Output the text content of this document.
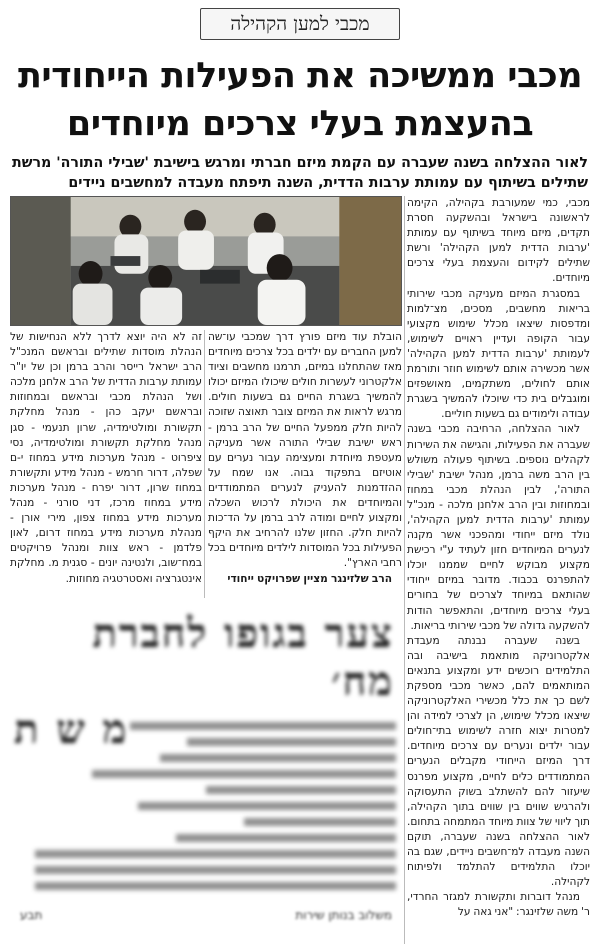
מכבי למען הקהילה
מכבי ממשיכה את הפעילות הייחודית
בהעצמת בעלי צרכים מיוחדים
לאור ההצלחה בשנה שעברה עם הקמת מיזם חברתי ומרגש בישיבת 'שבילי התורה' מרשת שתילים בשיתוף עם עמותת ערבות הדדית, השנה תיפתח מעבדה למחשבים ניידים

מכבי, כמי שמעורבת בקהילה, הקימה לראשונה בישראל ובהשקעה חסרת תקדים, מיזם מיוחד בשיתוף עם עמותת 'ערבות הדדית למען הקהילה' ורשת שתילים לקידום והעצמת בעלי צרכים מיוחדים.

במסגרת המיזם מעניקה מכבי שירותי בריאות מחשבים, מסכים, מצ־למות ומדפסות שיצאו מכלל שימוש מקצועי עבור הקופה ועדיין ראויים לשימוש, לעמותת 'ערבות הדדית למען הקהילה' אשר מכשירה אותם לשימוש חוזר ותורמת אותם לחולים, משתקמים, מאושפזים ומוגבלים בית כדי שיוכלו להמשיך בשגרת עבודה ולימודים גם בשעות חוליים.

לאור ההצלחה, הרחיבה מכבי בשנה שעברה את הפעילות, והגישה את השירות לקהלים נוספים. בשיתוף פעולה משולש בין הרב משה ברמן, מנהל ישיבת 'שבילי התורה', לבין הנהלת מכבי במחוז ובמחוזות ובין הרב אלחנן מלכה - מנכ"ל עמותת 'ערבות הדדית למען הקהילה', נולד מיזם ייחודי ומהפכני אשר מקנה לנערים המיוחדים חזון לעתיד ע"י רכישת מקצוע מבוקש לחיים שממנו יוכלו להתפרנס בכבוד. מדובר במיזם ייחודי שהותאם במיוחד לצרכים של בחורים בעלי צרכים מיוחדים, והתאפשר הודות להשקעה גדולה של מכבי שירותי בריאות.

בשנה שעברה נבנתה מעבדת אלקטרוניקה מותאמת בישיבה ובה התלמידים רוכשים ידע ומקצוע בתנאים המותאמים להם, כאשר מכבי מספקת לשם כך את כלל מכשירי האלקטרוניקה שיצאו מכלל שימוש, הן לצרכי למידה והן למטרות יצוא חזרה לשימוש בתי־חולים עבור ילדים ונערים עם צרכים מיוחדים. דרך המיזם הייחודי מקבלים הנערים המתמודדים כלים לחיים, מקצוע מפרנס שיעזור להם להשתלב בשוק התעסוקה ולהרגיש שווים בין שווים בתוך הקהילה, תוך ליווי של צוות מיוחד המתמחה בתחום. לאור ההצלחה בשנה שעברה, תוקם השנה מעבדה למ־חשבים ניידים, שגם בה יוכלו התלמידים להתלמד ולפיתוח לקהילה.

מנהל דוברות ותקשורת למגזר החרדי, ר' משה שלזינגר: "אני גאה על

הובלת עוד מיזם פורץ דרך שמכבי עו־שה למען החברים עם ילדים בכל צרכים מיוחדים מאז שהתחלנו במיזם, תרמנו מחשבים וציוד אלקטרוני לעשרות חולים שיכולו המיזם יכולו להמשיך בשגרת החיים גם בשעות חולים. מרגש לראות את המיזם צובר תאוצה שזוכה להיות חלק ממפעל החיים של הרב ברמן - ראש ישיבת שבילי התורה אשר מעניקה מעטפת מיוחדת ומעצימה עבור נערים עם אוטיזם בתפקוד גבוה. אנו שמח על ההזדמנות להעניק לנערים המתמודדים והמיוחדים את היכולת לרכוש השכלה ומקצוע לחיים ומודה לרב ברמן על הד־כות להיות חלק. החזון שלנו להרחיב את היקף הפעילות בכל המוסדות לילדים מיוחדים בכל רחבי הארץ".

הרב שלזינגר מציין שפרויקט ייחודי

זה לא היה יוצא לדרך ללא הנחישות של הנהלת מוסדות שתילים ובראשם המנכ"ל הרב ישראל רייסר והרב ברמן וכן של יו"ר עמותת ערבות הדדית של הרב אלחנן מלכה ושל הנהלת מכבי ובראשם ובמחוזות ובראשם יעקב כהן - מנהל מחלקת תקשורת ומולטימדיה, שרון תנעמי - סגן מנהל מחלקת תקשורת ומולטימדיה, נסי ציפרוט - מנהל מערכות מידע במחוז י-ם שפלה, דרור חרמש - מנהל מידע ותקשורת במחוז שרון, דרור יפרח - מנהל מערכות מידע במחוז מרכז, דני סורני - מנהל מערכות מידע במחוז צפון, מירי אורן - מנהלת מערכות מידע במחוז דרום, לאון פלדמן - ראש צוות ומנהל פרויקטים במח־שוב, ולנטינה יונים - סגנית מ. מחלקת אינטגרציה ואסטרטגיה מחוזות.

צער בגופו לחברת מח׳
מ ש ת
משלוב בנותן שירות
תבע
